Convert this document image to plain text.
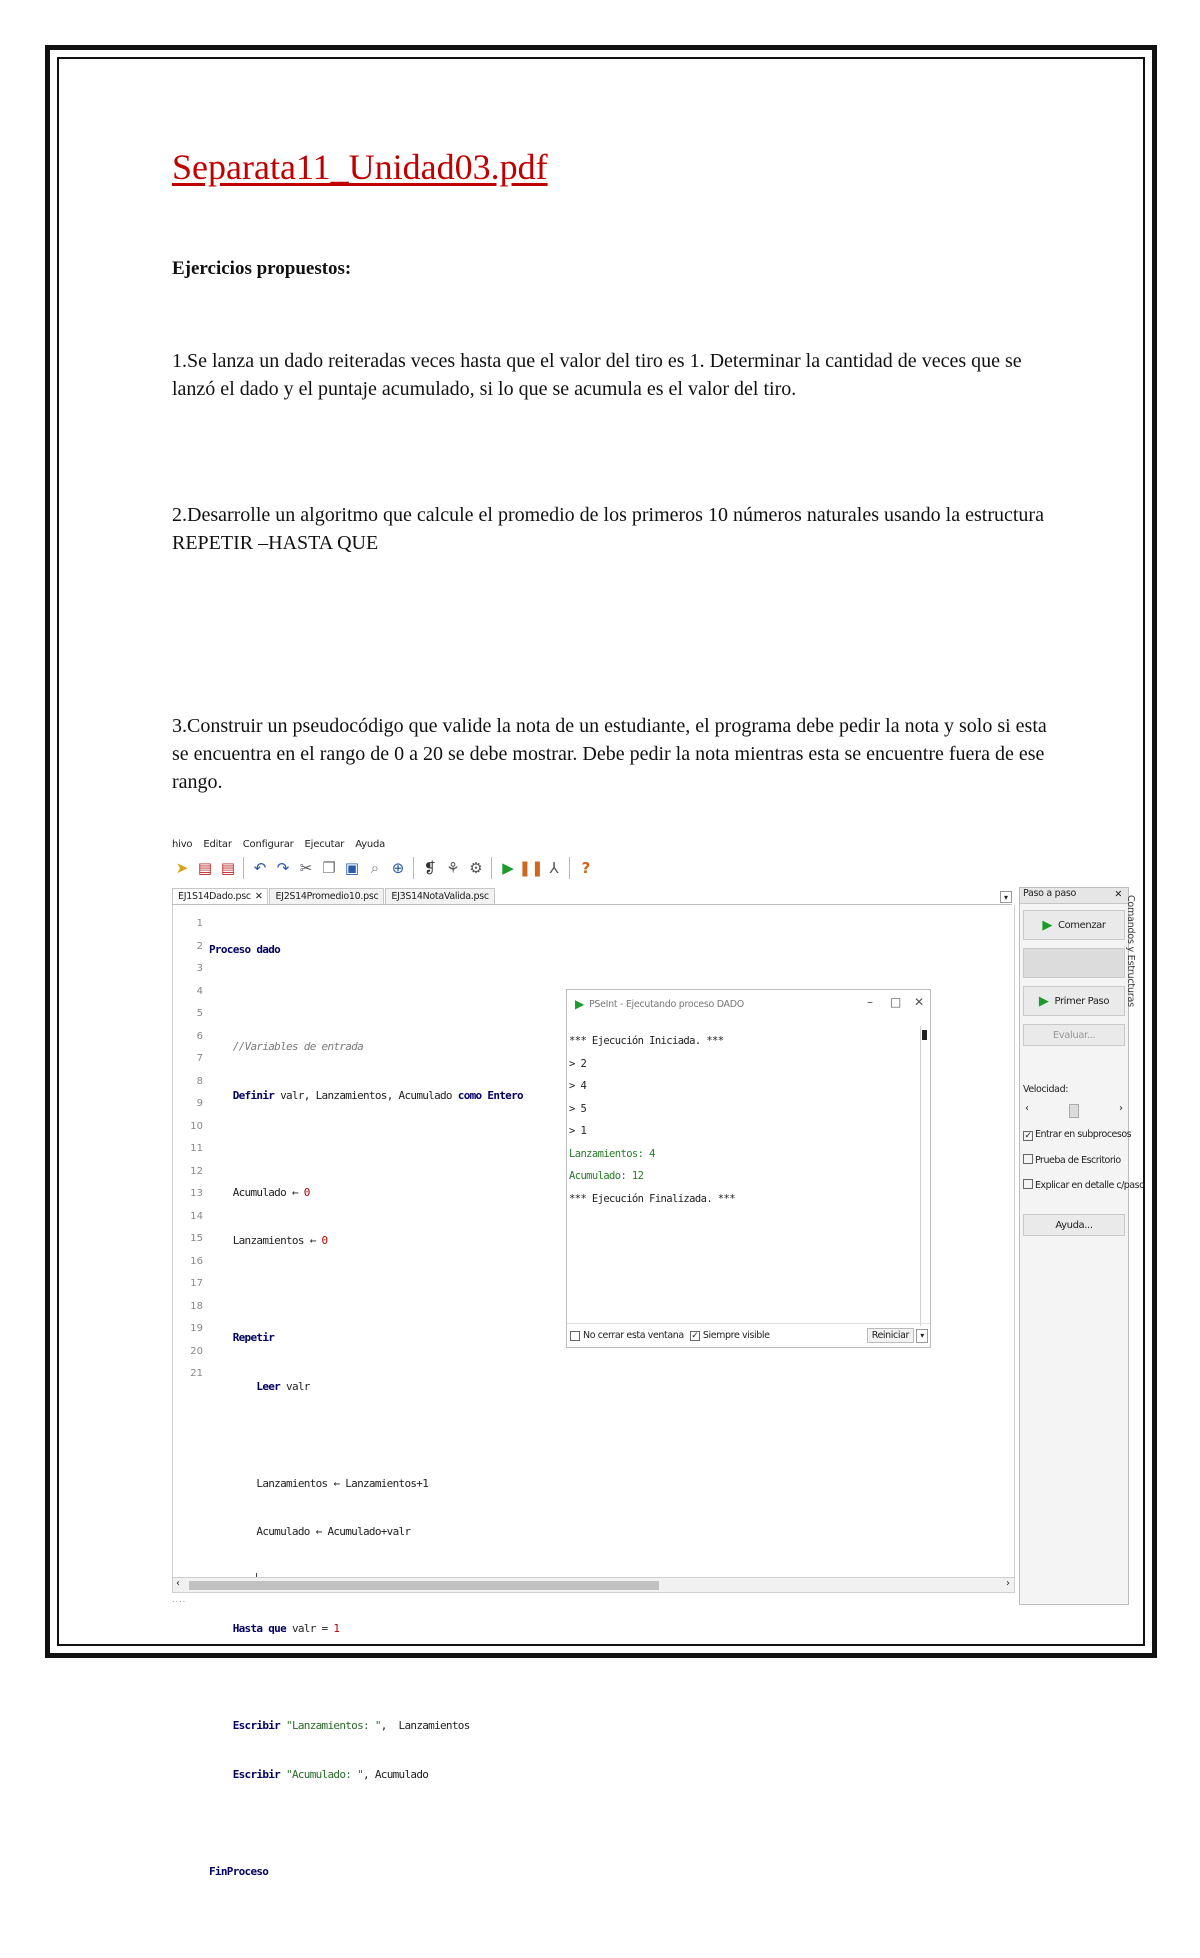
Separata11_Unidad03.pdf
Ejercicios propuestos:
1.Se lanza un dado reiteradas veces hasta que el valor del tiro es 1. Determinar la cantidad de veces que se lanzó el dado y el puntaje acumulado, si lo que se acumula es el valor del tiro.
2.Desarrolle un algoritmo que calcule el promedio de los primeros 10 números naturales usando la estructura REPETIR –HASTA QUE
3.Construir un pseudocódigo que valide la nota de un estudiante, el programa debe pedir la nota y solo si esta se encuentra en el rango de 0 a 20 se debe mostrar. Debe pedir la nota mientras esta se encuentre fuera de ese rango.
hivo Editar Configurar Ejecutar Ayuda
➤ ▤ ▤ ↶ ↷ ✂ ❐ ▣ ⌕ ⊕ ❡ ⚘ ⚙ ▶ ❚❚ ⅄	?
EJ1S14Dado.psc ✕	EJ2S14Promedio10.psc	EJ3S14NotaValida.psc	▾
1
2
3
4
5
6
7
8
9
10
11
12
13
14
15
16
17
18
19
20
21

Proceso dado

//Variables de entrada

Definir valr, Lanzamientos, Acumulado como Entero

Acumulado ← 0

Lanzamientos ← 0

Repetir

Leer valr

Lanzamientos ← Lanzamientos+1

Acumulado ← Acumulado+valr

Hasta que valr = 1

Escribir "Lanzamientos: ",  Lanzamientos

Escribir "Acumulado: ", Acumulado

FinProceso

▶ PSeInt - Ejecutando proceso DADO	– □ ✕
*** Ejecución Iniciada. ***
> 2
> 4
> 5
> 1
Lanzamientos: 4
Acumulado: 12
*** Ejecución Finalizada. ***
No cerrar esta ventana ✓ Siempre visible	Reiniciar	▾
‹	›
....
Paso a paso	✕
▶ Comenzar
▶ Primer Paso
Evaluar...
Velocidad:
‹	›
✓ Entrar en subprocesos
Prueba de Escritorio
Explicar en detalle c/paso
Ayuda...
Comandos y Estructuras
